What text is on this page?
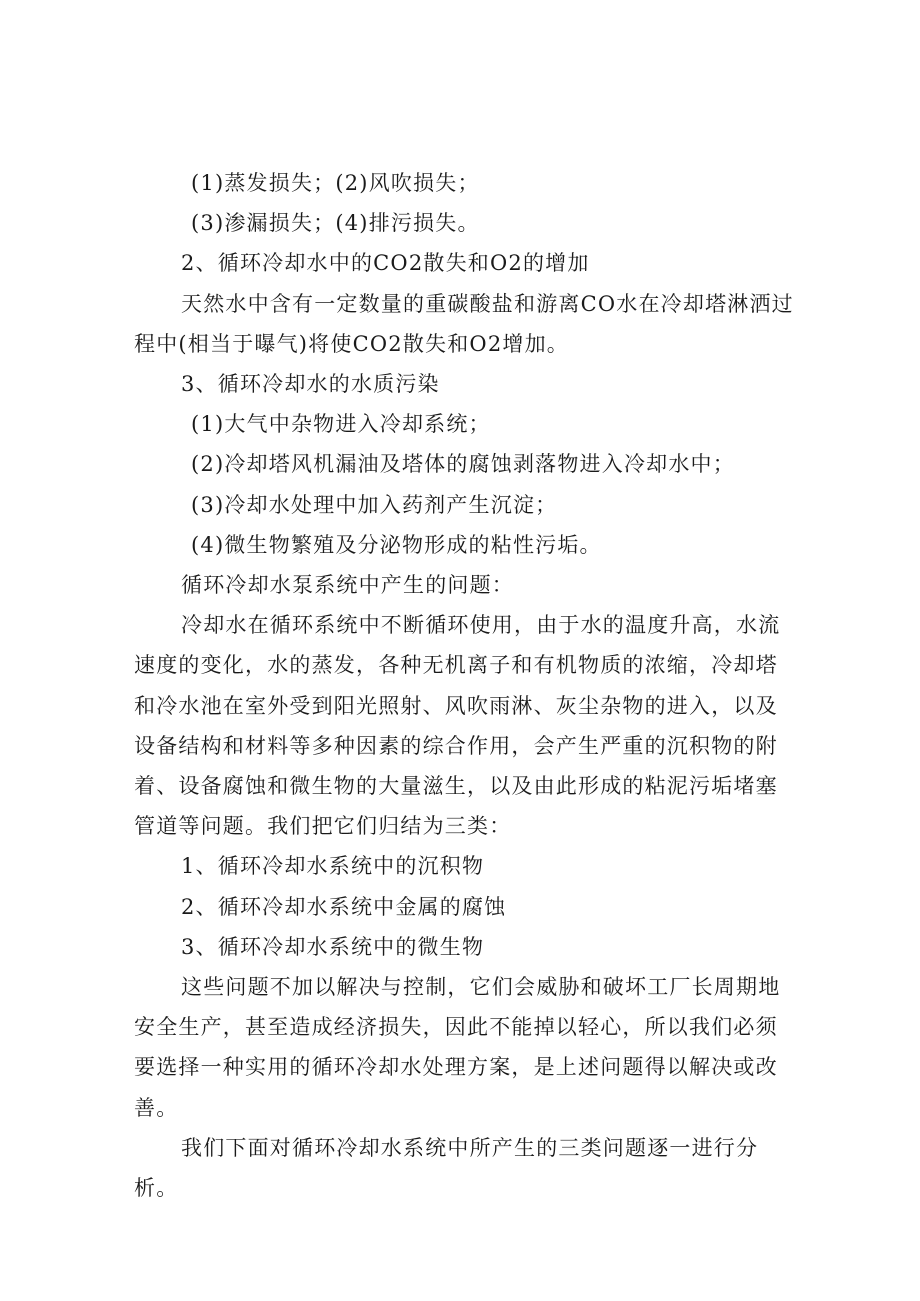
(1)蒸发损失；(2)风吹损失；

(3)渗漏损失；(4)排污损失。

2、循环冷却水中的CO2散失和O2的增加

天然水中含有一定数量的重碳酸盐和游离CO水在冷却塔淋洒过程中(相当于曝气)将使CO2散失和O2增加。

3、循环冷却水的水质污染

(1)大气中杂物进入冷却系统；

(2)冷却塔风机漏油及塔体的腐蚀剥落物进入冷却水中；

(3)冷却水处理中加入药剂产生沉淀；

(4)微生物繁殖及分泌物形成的粘性污垢。

循环冷却水泵系统中产生的问题：

冷却水在循环系统中不断循环使用，由于水的温度升高，水流速度的变化，水的蒸发，各种无机离子和有机物质的浓缩，冷却塔和冷水池在室外受到阳光照射、风吹雨淋、灰尘杂物的进入，以及设备结构和材料等多种因素的综合作用，会产生严重的沉积物的附着、设备腐蚀和微生物的大量滋生，以及由此形成的粘泥污垢堵塞管道等问题。我们把它们归结为三类：

1、循环冷却水系统中的沉积物

2、循环冷却水系统中金属的腐蚀

3、循环冷却水系统中的微生物

这些问题不加以解决与控制，它们会威胁和破坏工厂长周期地安全生产，甚至造成经济损失，因此不能掉以轻心，所以我们必须要选择一种实用的循环冷却水处理方案，是上述问题得以解决或改善。

我们下面对循环冷却水系统中所产生的三类问题逐一进行分析。
